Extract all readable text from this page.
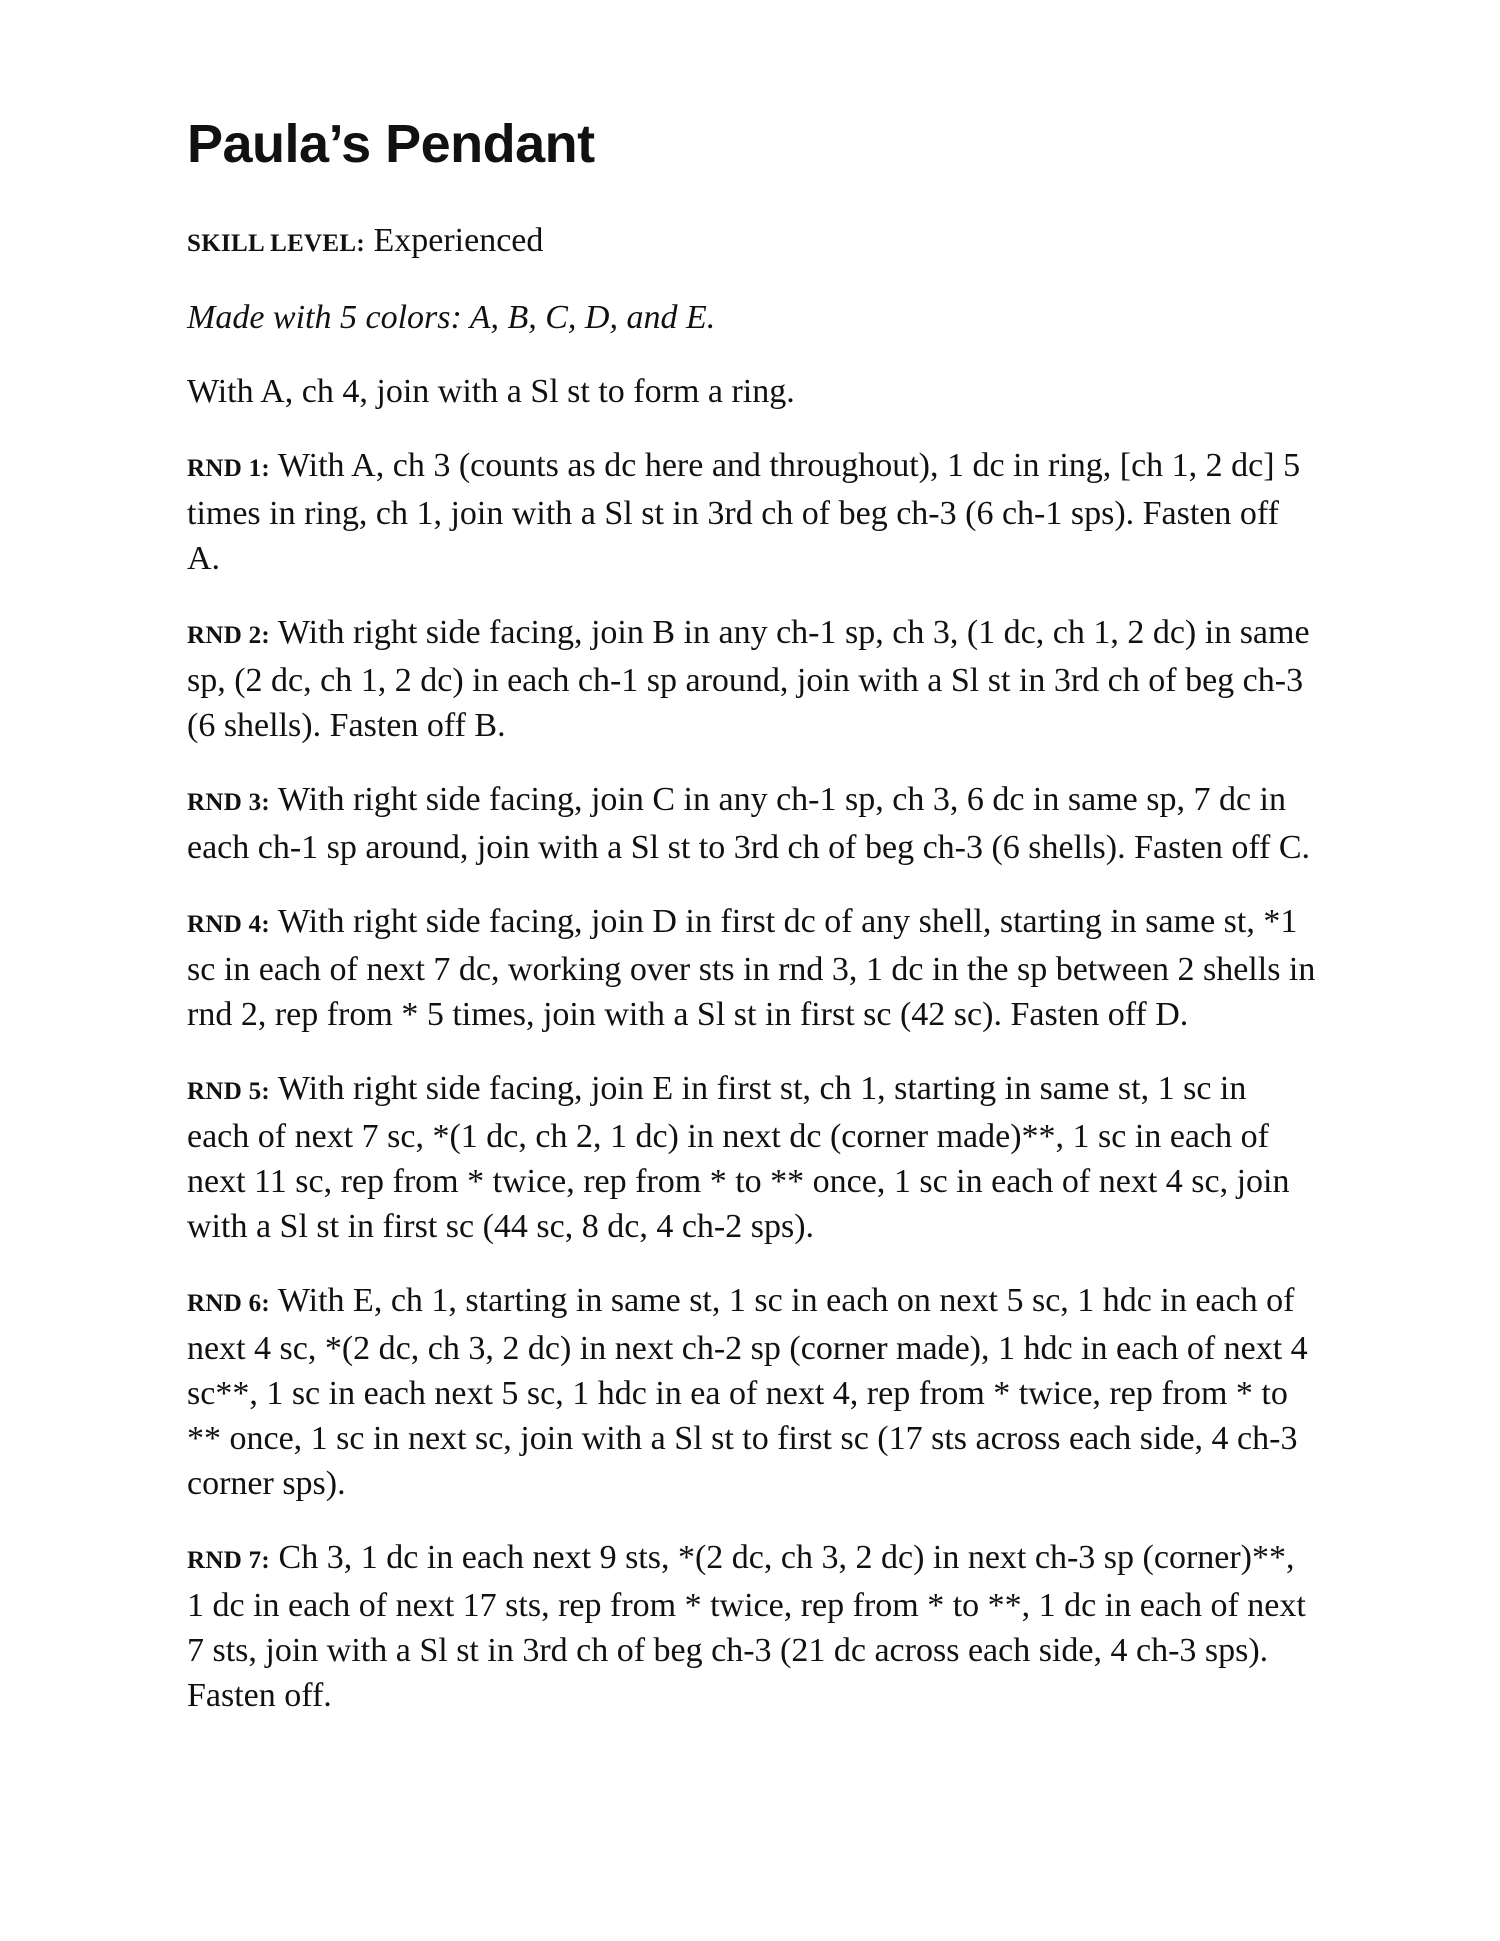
Paula’s Pendant

SKILL LEVEL: Experienced

Made with 5 colors: A, B, C, D, and E.

With A, ch 4, join with a Sl st to form a ring.

RND 1: With A, ch 3 (counts as dc here and throughout), 1 dc in ring, [ch 1, 2 dc] 5 times in ring, ch 1, join with a Sl st in 3rd ch of beg ch-3 (6 ch-1 sps). Fasten off A.

RND 2: With right side facing, join B in any ch-1 sp, ch 3, (1 dc, ch 1, 2 dc) in same sp, (2 dc, ch 1, 2 dc) in each ch-1 sp around, join with a Sl st in 3rd ch of beg ch-3 (6 shells). Fasten off B.

RND 3: With right side facing, join C in any ch-1 sp, ch 3, 6 dc in same sp, 7 dc in each ch-1 sp around, join with a Sl st to 3rd ch of beg ch-3 (6 shells). Fasten off C.

RND 4: With right side facing, join D in first dc of any shell, starting in same st, *1 sc in each of next 7 dc, working over sts in rnd 3, 1 dc in the sp between 2 shells in rnd 2, rep from * 5 times, join with a Sl st in first sc (42 sc). Fasten off D.

RND 5: With right side facing, join E in first st, ch 1, starting in same st, 1 sc in each of next 7 sc, *(1 dc, ch 2, 1 dc) in next dc (corner made)**, 1 sc in each of next 11 sc, rep from * twice, rep from * to ** once, 1 sc in each of next 4 sc, join with a Sl st in first sc (44 sc, 8 dc, 4 ch-2 sps).

RND 6: With E, ch 1, starting in same st, 1 sc in each on next 5 sc, 1 hdc in each of next 4 sc, *(2 dc, ch 3, 2 dc) in next ch-2 sp (corner made), 1 hdc in each of next 4 sc**, 1 sc in each next 5 sc, 1 hdc in ea of next 4, rep from * twice, rep from * to ** once, 1 sc in next sc, join with a Sl st to first sc (17 sts across each side, 4 ch-3 corner sps).

RND 7: Ch 3, 1 dc in each next 9 sts, *(2 dc, ch 3, 2 dc) in next ch-3 sp (corner)**, 1 dc in each of next 17 sts, rep from * twice, rep from * to **, 1 dc in each of next 7 sts, join with a Sl st in 3rd ch of beg ch-3 (21 dc across each side, 4 ch-3 sps). Fasten off.
